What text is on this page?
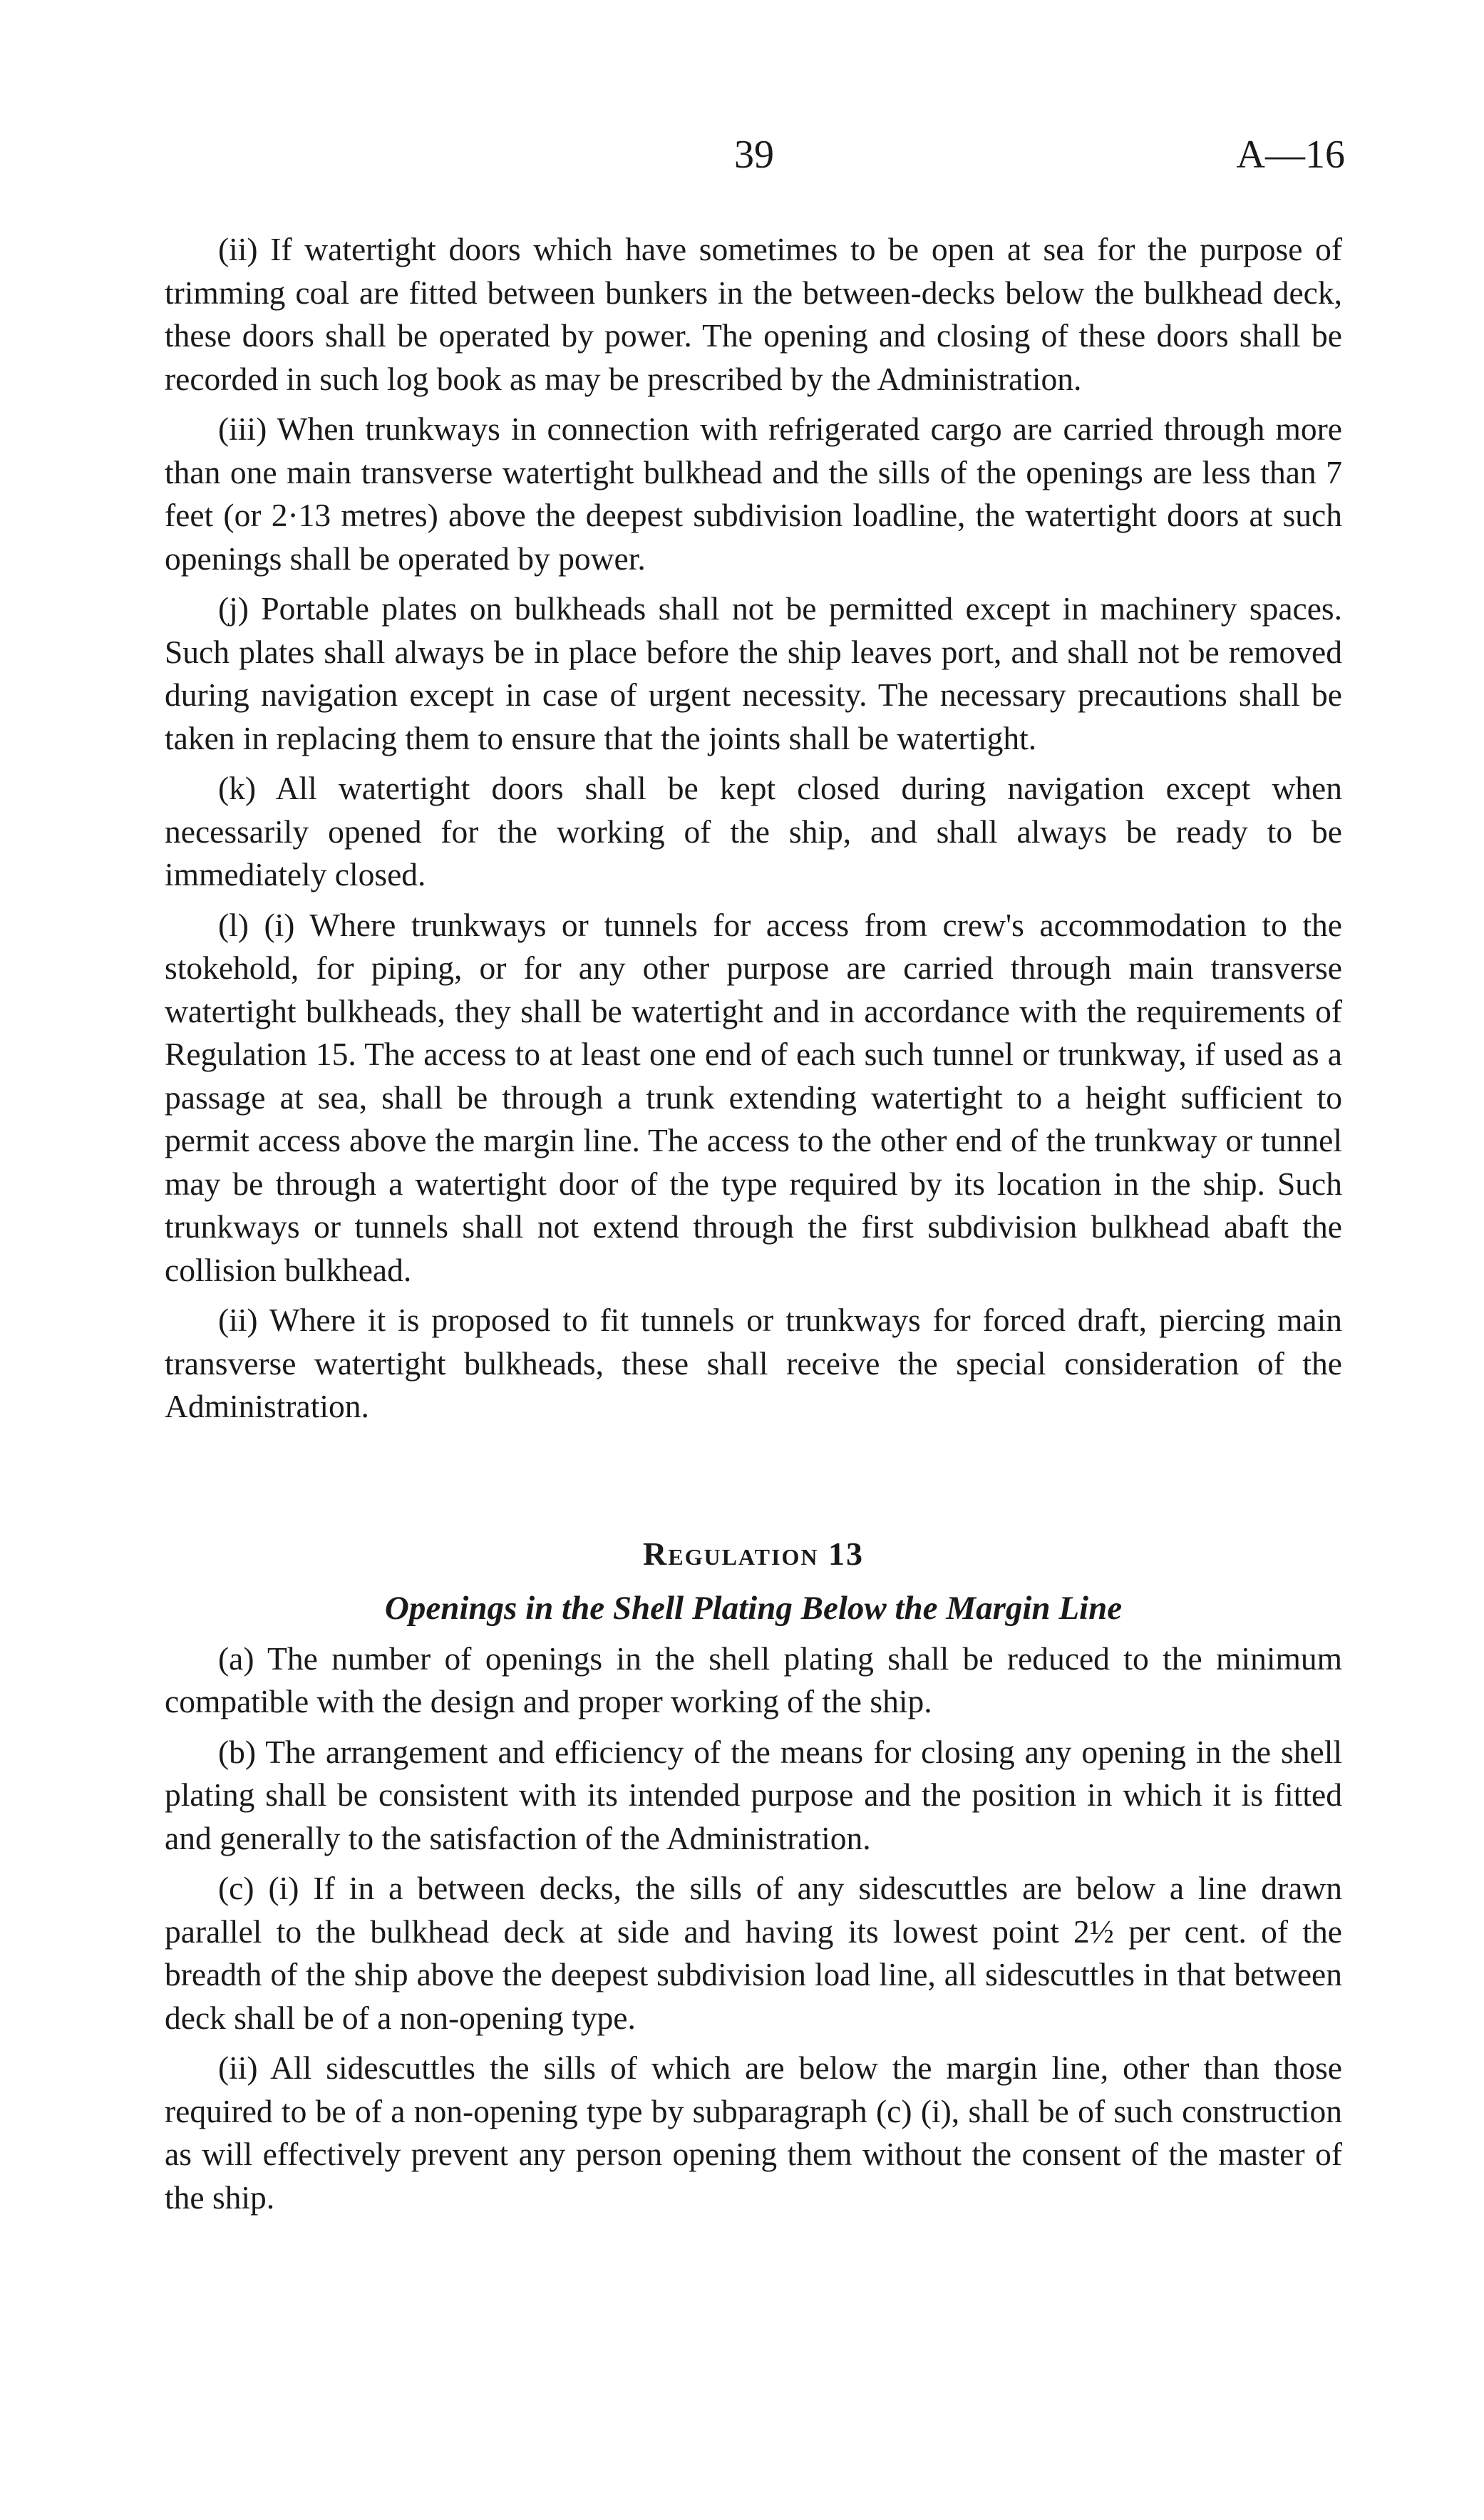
39	A—16

(ii) If watertight doors which have sometimes to be open at sea for the purpose of trimming coal are fitted between bunkers in the between-decks below the bulkhead deck, these doors shall be operated by power. The opening and closing of these doors shall be recorded in such log book as may be prescribed by the Administration.

(iii) When trunkways in connection with refrigerated cargo are carried through more than one main transverse watertight bulkhead and the sills of the openings are less than 7 feet (or 2·13 metres) above the deepest subdivision loadline, the watertight doors at such openings shall be operated by power.

(j) Portable plates on bulkheads shall not be permitted except in machinery spaces. Such plates shall always be in place before the ship leaves port, and shall not be removed during navigation except in case of urgent necessity. The necessary precautions shall be taken in replacing them to ensure that the joints shall be watertight.

(k) All watertight doors shall be kept closed during navigation except when necessarily opened for the working of the ship, and shall always be ready to be immediately closed.

(l) (i) Where trunkways or tunnels for access from crew's accommodation to the stokehold, for piping, or for any other purpose are carried through main transverse watertight bulkheads, they shall be watertight and in accordance with the requirements of Regulation 15. The access to at least one end of each such tunnel or trunkway, if used as a passage at sea, shall be through a trunk extending watertight to a height sufficient to permit access above the margin line. The access to the other end of the trunkway or tunnel may be through a watertight door of the type required by its location in the ship. Such trunkways or tunnels shall not extend through the first subdivision bulkhead abaft the collision bulkhead.

(ii) Where it is proposed to fit tunnels or trunkways for forced draft, piercing main transverse watertight bulkheads, these shall receive the special consideration of the Administration.

Regulation 13
Openings in the Shell Plating Below the Margin Line

(a) The number of openings in the shell plating shall be reduced to the minimum compatible with the design and proper working of the ship.

(b) The arrangement and efficiency of the means for closing any opening in the shell plating shall be consistent with its intended purpose and the position in which it is fitted and generally to the satisfaction of the Administration.

(c) (i) If in a between decks, the sills of any sidescuttles are below a line drawn parallel to the bulkhead deck at side and having its lowest point 2½ per cent. of the breadth of the ship above the deepest subdivision load line, all sidescuttles in that between deck shall be of a non-opening type.

(ii) All sidescuttles the sills of which are below the margin line, other than those required to be of a non-opening type by subparagraph (c) (i), shall be of such construction as will effectively prevent any person opening them without the consent of the master of the ship.
